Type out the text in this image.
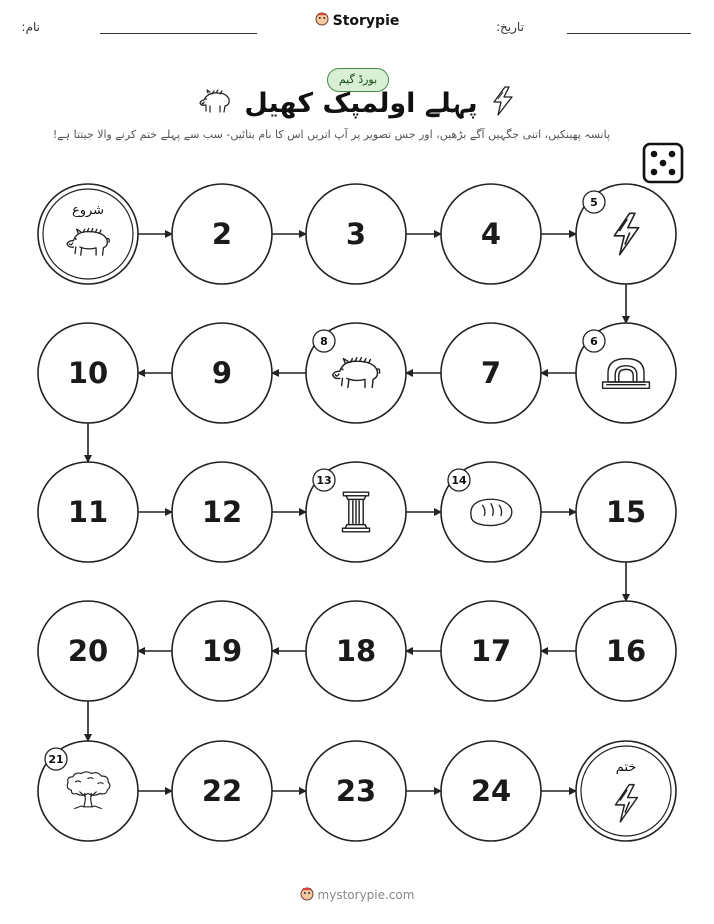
نام:	Storypie	تاریخ:
بورڈ گیم
پہلے اولمپک کھیل
پانسہ پھینکیں، اتنی جگہیں آگے بڑھیں، اور جس تصویر پر آپ اتریں اس کا نام بتائیں- سب سے پہلے ختم کرنے والا جیتتا ہے!
شروع
2	3	4
5
6
7
8
9
10
11	12
13	14
15
16
17
18
19
20
21
22	23	24
ختم
mystorypie.com
